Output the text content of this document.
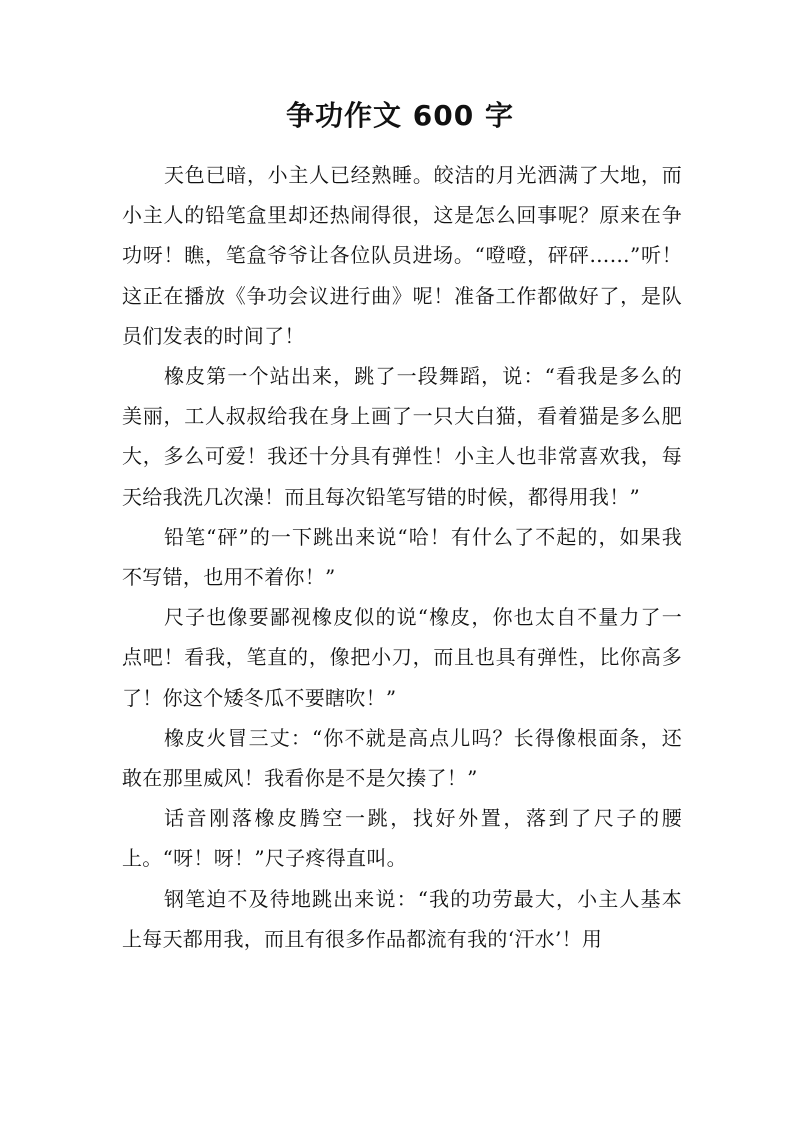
争功作文 600 字

天色已暗，小主人已经熟睡。皎洁的月光洒满了大地，而小主人的铅笔盒里却还热闹得很，这是怎么回事呢？原来在争功呀！瞧，笔盒爷爷让各位队员进场。“噔噔，砰砰……”听！这正在播放《争功会议进行曲》呢！准备工作都做好了，是队员们发表的时间了！

橡皮第一个站出来，跳了一段舞蹈，说：“看我是多么的美丽，工人叔叔给我在身上画了一只大白猫，看着猫是多么肥大，多么可爱！我还十分具有弹性！小主人也非常喜欢我，每天给我洗几次澡！而且每次铅笔写错的时候，都得用我！”

铅笔“砰”的一下跳出来说“哈！有什么了不起的，如果我不写错，也用不着你！”

尺子也像要鄙视橡皮似的说“橡皮，你也太自不量力了一点吧！看我，笔直的，像把小刀，而且也具有弹性，比你高多了！你这个矮冬瓜不要瞎吹！”

橡皮火冒三丈：“你不就是高点儿吗？长得像根面条，还敢在那里威风！我看你是不是欠揍了！”

话音刚落橡皮腾空一跳，找好外置，落到了尺子的腰上。“呀！呀！”尺子疼得直叫。

钢笔迫不及待地跳出来说：“我的功劳最大，小主人基本上每天都用我，而且有很多作品都流有我的‘汗水’！用
